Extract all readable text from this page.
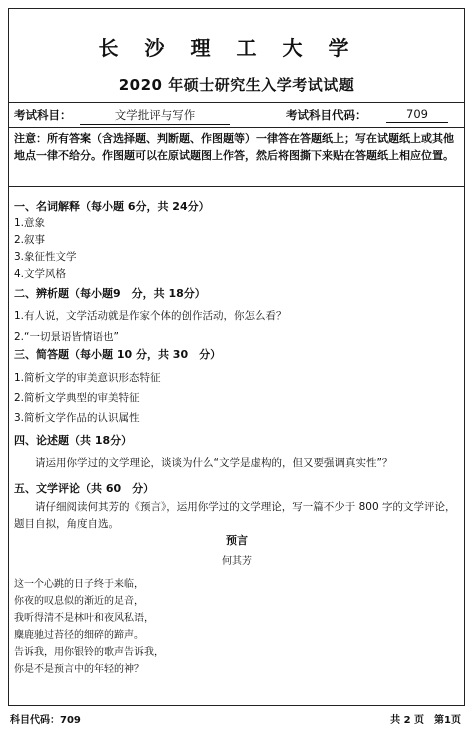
长沙理工大学
2020 年硕士研究生入学考试试题
考试科目：	文学批评与写作	考试科目代码：	709
注意：所有答案（含选择题、判断题、作图题等）一律答在答题纸上；写在试题纸上或其他地点一律不给分。作图题可以在原试题图上作答，然后将图撕下来贴在答题纸上相应位置。
一、名词解释（每小题 6分，共 24分）
1.意象
2.叙事
3.象征性文学
4.文学风格
二、辨析题（每小题9　分，共 18分）
1.有人说，文学活动就是作家个体的创作活动，你怎么看？
2.“一切景语皆情语也”
三、简答题（每小题 10 分，共 30　分）
1.简析文学的审美意识形态特征
2.简析文学典型的审美特征
3.简析文学作品的认识属性
四、论述题（共 18分）
请运用你学过的文学理论，谈谈为什么“文学是虚构的，但又要强调真实性”？
五、文学评论（共 60　分）
请仔细阅读何其芳的《预言》，运用你学过的文学理论，写一篇不少于 800 字的文学评论，题目自拟，角度自选。
预言
何其芳
这一个心跳的日子终于来临，
你夜的叹息似的渐近的足音，
我听得清不是林叶和夜风私语，
麋鹿驰过苔径的细碎的蹄声。
告诉我，用你银铃的歌声告诉我，
你是不是预言中的年轻的神？
科目代码：709	共 2 页　第1页
